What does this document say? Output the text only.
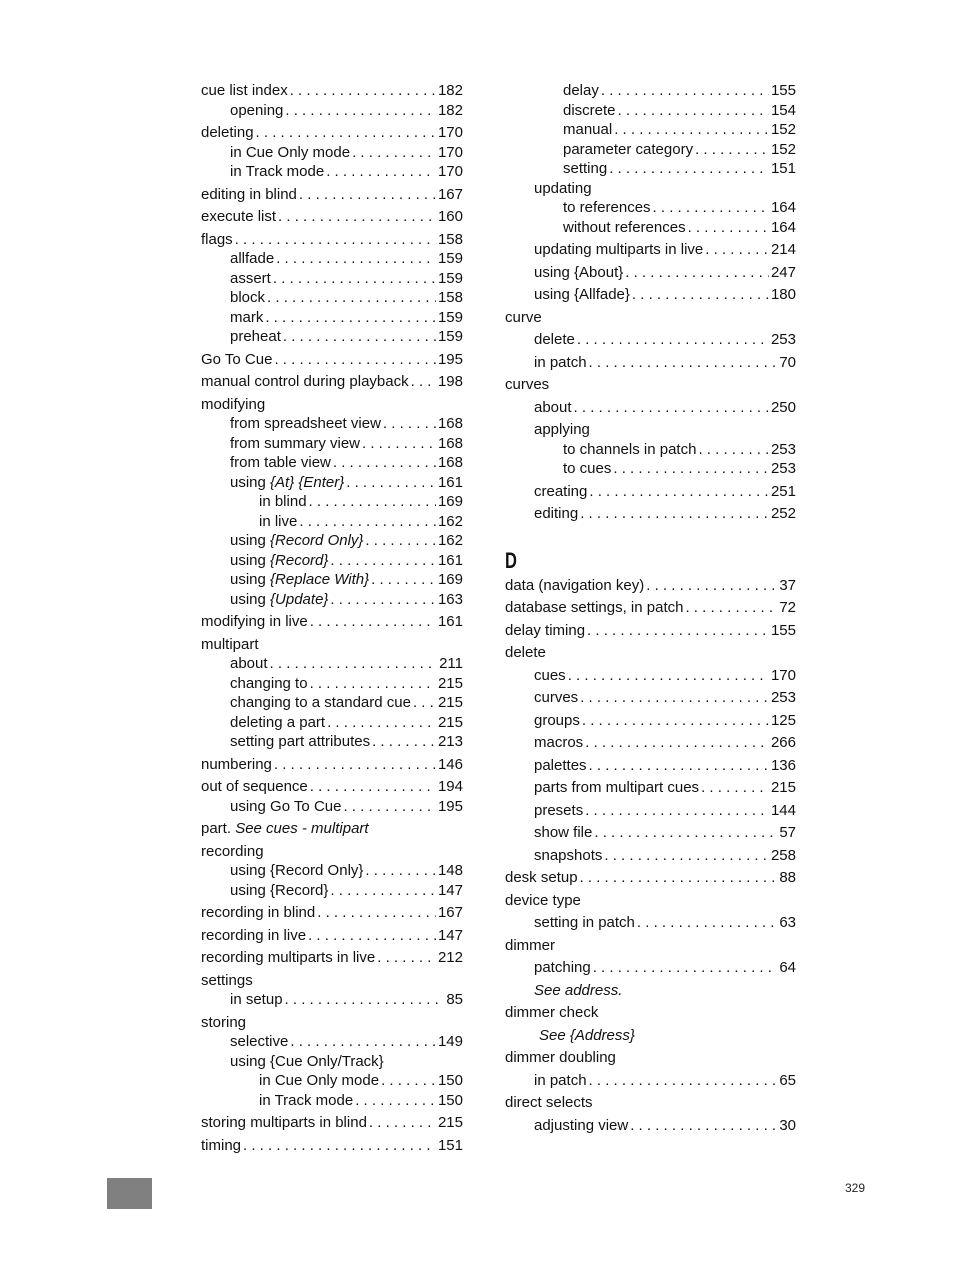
cue list index . . .	182
opening . . .	182
deleting . . .	170
in Cue Only mode . . .	170
in Track mode . . .	170
editing in blind . . .	167
execute list . . .	160
flags . . .	158
allfade . . .	159
assert . . .	159
block . . .	158
mark . . .	159
preheat . . .	159
Go To Cue . . .	195
manual control during playback . . . 198
modifying
from spreadsheet view . . .	168
from summary view . . .	168
from table view . . .	168
using {At} {Enter} . . .	161
in blind . . .	169
in live . . .	162
using {Record Only} . . .	162
using {Record} . . .	161
using {Replace With} . . .	169
using {Update} . . .	163
modifying in live . . .	161
multipart
about . . .	211
changing to . . .	215
changing to a standard cue . . . 215
deleting a part . . .	215
setting part attributes . . .	213
numbering . . .	146
out of sequence . . .	194
using Go To Cue . . .	195
part. See cues - multipart
recording
using {Record Only} . . .	148
using {Record} . . .	147
recording in blind . . .	167
recording in live . . .	147
recording multiparts in live . . .	212
settings
in setup . . .	85
storing
selective . . .	149
using {Cue Only/Track}
in Cue Only mode . . .	150
in Track mode . . .	150
storing multiparts in blind . . .	215
timing . . .	151
delay . . .	155
discrete . . .	154
manual . . .	152
parameter category . . .	152
setting . . .	151
updating
to references . . .	164
without references . . .	164
updating multiparts in live . . .	214
using {About} . . .	247
using {Allfade} . . .	180
curve
delete . . .	253
in patch . . .	70
curves
about . . .	250
applying
to channels in patch . . .	253
to cues . . .	253
creating . . .	251
editing . . .	252
D
data (navigation key) . . .	37
database settings, in patch . . .	72
delay timing . . .	155
delete
cues . . .	170
curves . . .	253
groups . . .	125
macros . . .	266
palettes . . .	136
parts from multipart cues . . .	215
presets . . .	144
show file . . .	57
snapshots . . .	258
desk setup . . .	88
device type
setting in patch . . .	63
dimmer
patching . . .	64
See address.
dimmer check
See {Address}
dimmer doubling
in patch . . .	65
direct selects
adjusting view . . .	30
329
